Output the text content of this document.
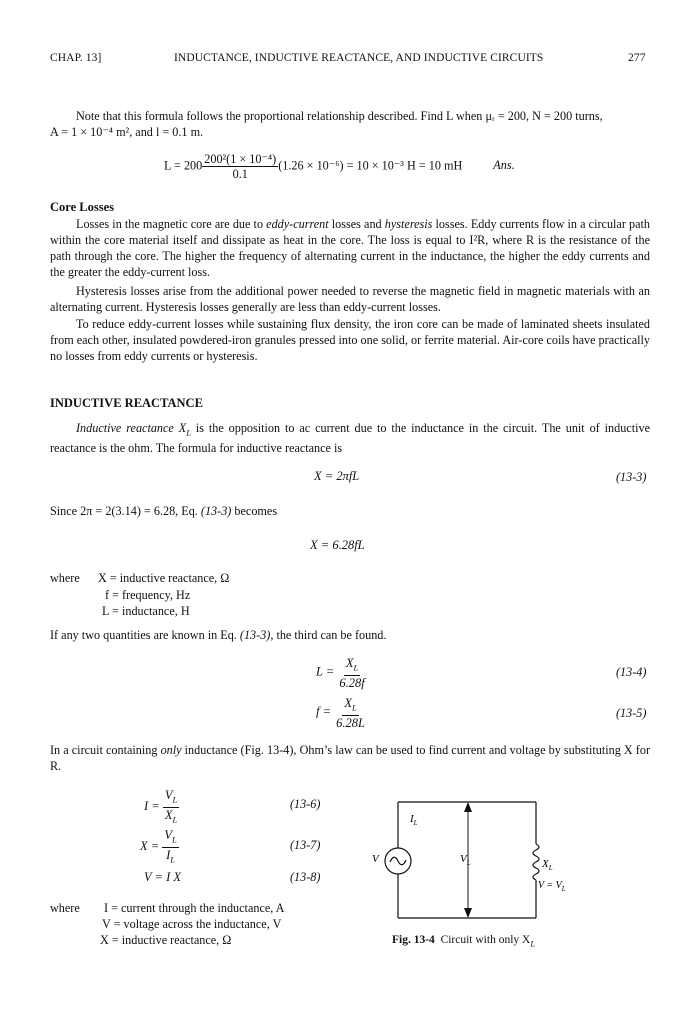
CHAP. 13]	INDUCTANCE, INDUCTIVE REACTANCE, AND INDUCTIVE CIRCUITS	277
Note that this formula follows the proportional relationship described. Find L when μᵣ = 200, N = 200 turns,
A = 1 × 10⁻⁴ m², and l = 0.1 m.
$L = 200 \frac{\text{200²(1 × 10⁻⁴)}}{0.1} (1.26 \times 10^{-6}) = 10 \times 10^{-3}$ H = 10 mH	Ans.
Core Losses
Losses in the magnetic core are due to eddy-current losses and hysteresis losses. Eddy currents flow in a circular path within the core material itself and dissipate as heat in the core. The loss is equal to I²R, where R is the resistance of the path through the core. The higher the frequency of alternating current in the inductance, the higher the eddy currents and the greater the eddy-current loss.
Hysteresis losses arise from the additional power needed to reverse the magnetic field in magnetic materials with an alternating current. Hysteresis losses generally are less than eddy-current losses.
To reduce eddy-current losses while sustaining flux density, the iron core can be made of laminated sheets insulated from each other, insulated powdered-iron granules pressed into one solid, or ferrite material. Air-core coils have practically no losses from eddy currents or hysteresis.
INDUCTIVE REACTANCE
Inductive reactance $X_L$ is the opposition to ac current due to the inductance in the circuit. The unit of inductive reactance is the ohm. The formula for inductive reactance is
X = 2πfL	(13-3)
Since 2π = 2(3.14) = 6.28, Eq. (13-3) becomes
X = 6.28fL
where X = inductive reactance, Ω
f = frequency, Hz
L = inductance, H
If any two quantities are known in Eq. (13-3), the third can be found.
$L = \frac{X_L}{6.28f}$	(13-4)
$f = \frac{X_L}{6.28L}$	(13-5)
In a circuit containing only inductance (Fig. 13-4), Ohm’s law can be used to find current and voltage by substituting X for R.
$I = \frac{V_L}{X_L}$	(13-6)
$X = \frac{V_L}{I_L}$	(13-7)
V = I X	(13-8)
where I = current through the inductance, A
V = voltage across the inductance, V
X = inductive reactance, Ω
$I_L$
V	$V_L$	$X_L$
$V = V_L$
Fig. 13-4 Circuit with only $X_L$
